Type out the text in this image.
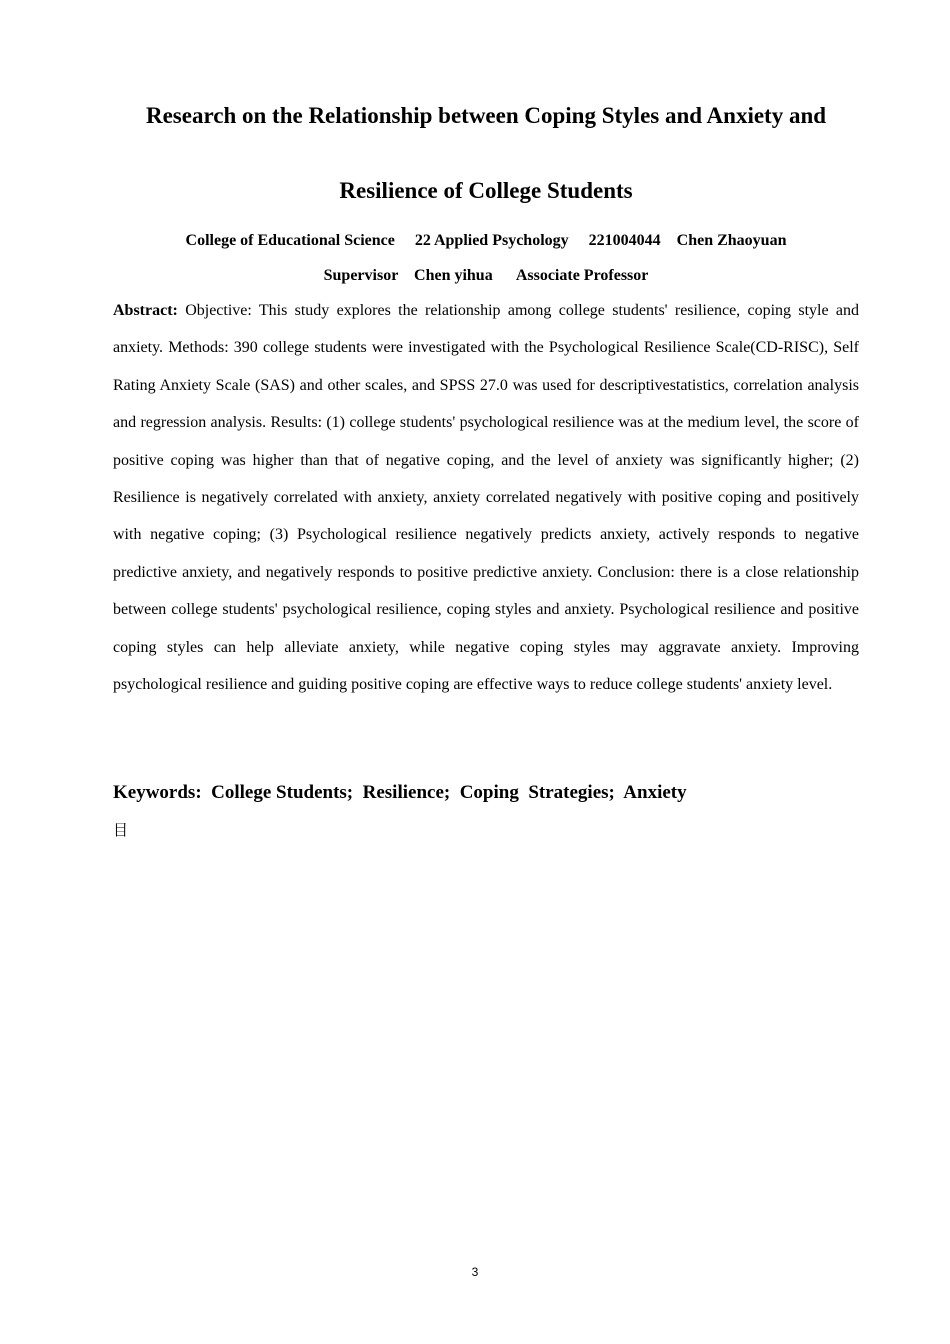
Research on the Relationship between Coping Styles and Anxiety and
Resilience of College Students
College of Educational Science     22 Applied Psychology     221004044    Chen Zhaoyuan
Supervisor    Chen yihua      Associate Professor

Abstract: Objective: This study explores the relationship among college students' resilience, coping style and anxiety. Methods: 390 college students were investigated with the Psychological Resilience Scale(CD-RISC), Self Rating Anxiety Scale (SAS) and other scales, and SPSS 27.0 was used for descriptivestatistics, correlation analysis and regression analysis. Results: (1) college students' psychological resilience was at the medium level, the score of positive coping was higher than that of negative coping, and the level of anxiety was significantly higher; (2) Resilience is negatively correlated with anxiety, anxiety correlated negatively with positive coping and positively with negative coping; (3) Psychological resilience negatively predicts anxiety, actively responds to negative predictive anxiety, and negatively responds to positive predictive anxiety. Conclusion: there is a close relationship between college students' psychological resilience, coping styles and anxiety. Psychological resilience and positive coping styles can help alleviate anxiety, while negative coping styles may aggravate anxiety. Improving psychological resilience and guiding positive coping are effective ways to reduce college students' anxiety level.

Keywords:  College Students;  Resilience;  Coping  Strategies;  Anxiety
目
3
